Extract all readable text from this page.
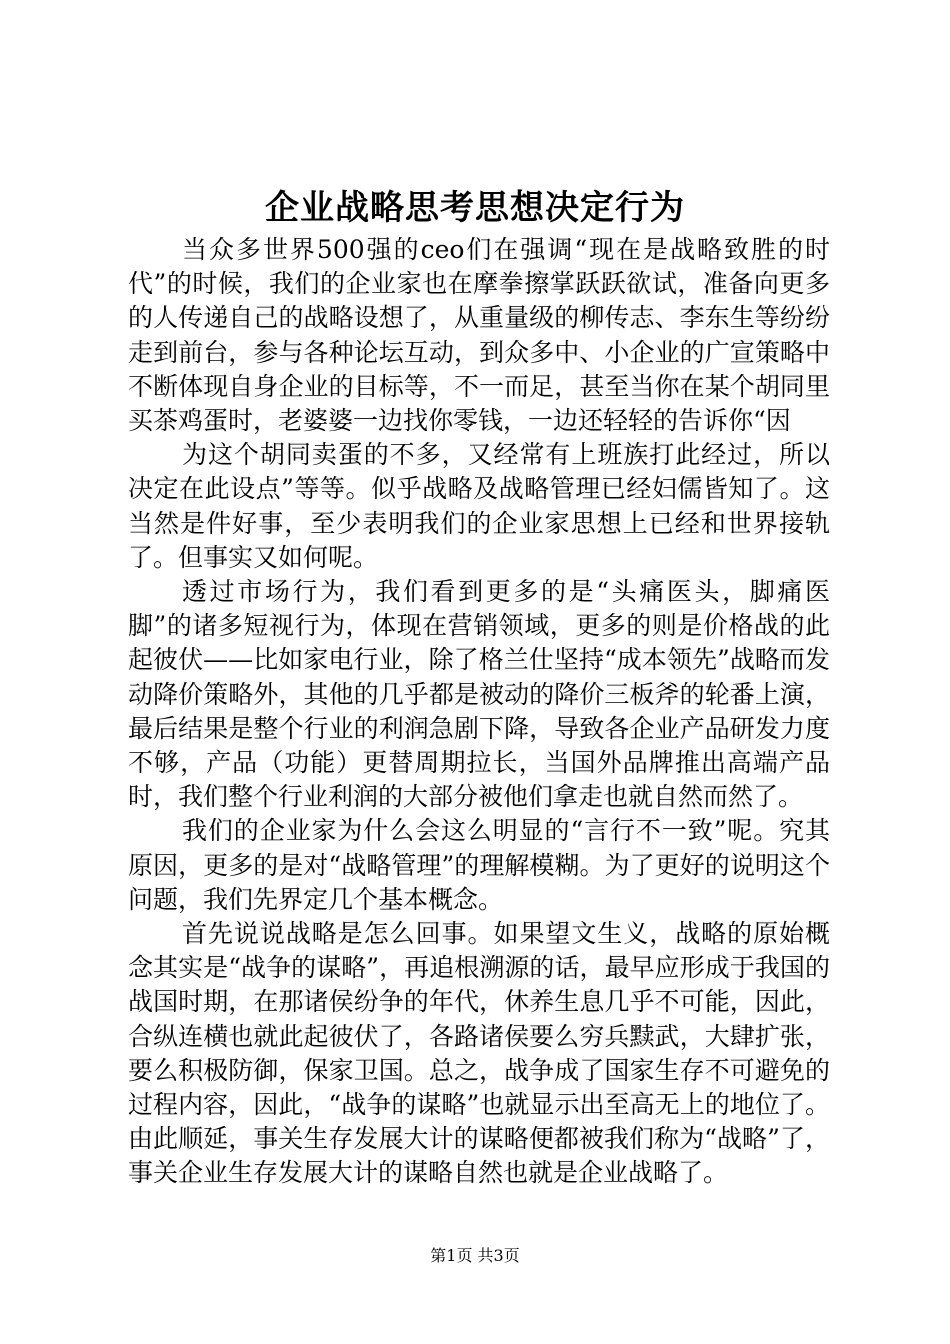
企业战略思考思想决定行为

当众多世界500强的ceo们在强调“现在是战略致胜的时代”的时候，我们的企业家也在摩拳擦掌跃跃欲试，准备向更多的人传递自己的战略设想了，从重量级的柳传志、李东生等纷纷走到前台，参与各种论坛互动，到众多中、小企业的广宣策略中不断体现自身企业的目标等，不一而足，甚至当你在某个胡同里买茶鸡蛋时，老婆婆一边找你零钱，一边还轻轻的告诉你“因

为这个胡同卖蛋的不多，又经常有上班族打此经过，所以决定在此设点”等等。似乎战略及战略管理已经妇儒皆知了。这当然是件好事，至少表明我们的企业家思想上已经和世界接轨了。但事实又如何呢。

透过市场行为，我们看到更多的是“头痛医头，脚痛医脚”的诸多短视行为，体现在营销领域，更多的则是价格战的此起彼伏——比如家电行业，除了格兰仕坚持“成本领先”战略而发动降价策略外，其他的几乎都是被动的降价三板斧的轮番上演，最后结果是整个行业的利润急剧下降，导致各企业产品研发力度不够，产品（功能）更替周期拉长，当国外品牌推出高端产品时，我们整个行业利润的大部分被他们拿走也就自然而然了。

我们的企业家为什么会这么明显的“言行不一致”呢。究其原因，更多的是对“战略管理”的理解模糊。为了更好的说明这个问题，我们先界定几个基本概念。

首先说说战略是怎么回事。如果望文生义，战略的原始概念其实是“战争的谋略”，再追根溯源的话，最早应形成于我国的战国时期，在那诸侯纷争的年代，休养生息几乎不可能，因此，合纵连横也就此起彼伏了，各路诸侯要么穷兵黩武，大肆扩张，要么积极防御，保家卫国。总之，战争成了国家生存不可避免的过程内容，因此，“战争的谋略”也就显示出至高无上的地位了。由此顺延，事关生存发展大计的谋略便都被我们称为“战略”了，事关企业生存发展大计的谋略自然也就是企业战略了。

第1页 共3页
